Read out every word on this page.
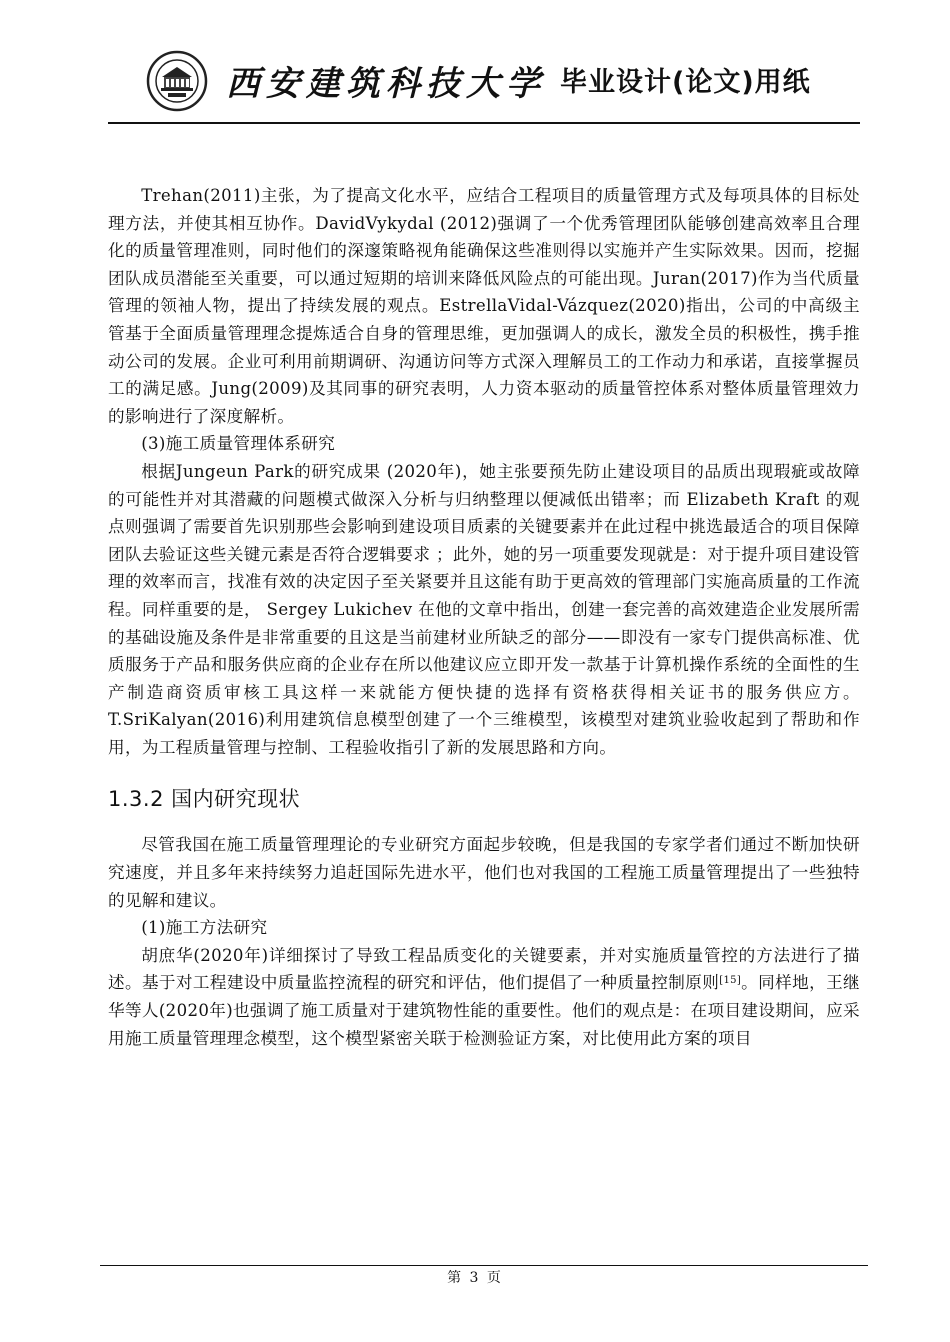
西安建筑科技大学 毕业设计(论文)用纸

Trehan(2011)主张，为了提高文化水平，应结合工程项目的质量管理方式及每项具体的目标处理方法，并使其相互协作。DavidVykydal (2012)强调了一个优秀管理团队能够创建高效率且合理化的质量管理准则，同时他们的深邃策略视角能确保这些准则得以实施并产生实际效果。因而，挖掘团队成员潜能至关重要，可以通过短期的培训来降低风险点的可能出现。Juran(2017)作为当代质量管理的领袖人物，提出了持续发展的观点。EstrellaVidal-Vázquez(2020)指出，公司的中高级主管基于全面质量管理理念提炼适合自身的管理思维，更加强调人的成长，激发全员的积极性，携手推动公司的发展。企业可利用前期调研、沟通访问等方式深入理解员工的工作动力和承诺，直接掌握员工的满足感。Jung(2009)及其同事的研究表明，人力资本驱动的质量管控体系对整体质量管理效力的影响进行了深度解析。

(3)施工质量管理体系研究

根据Jungeun Park的研究成果 (2020年)，她主张要预先防止建设项目的品质出现瑕疵或故障的可能性并对其潜藏的问题模式做深入分析与归纳整理以便减低出错率；而 Elizabeth Kraft 的观点则强调了需要首先识别那些会影响到建设项目质素的关键要素并在此过程中挑选最适合的项目保障团队去验证这些关键元素是否符合逻辑要求 ；此外，她的另一项重要发现就是：对于提升项目建设管理的效率而言，找准有效的决定因子至关紧要并且这能有助于更高效的管理部门实施高质量的工作流程。同样重要的是， Sergey Lukichev 在他的文章中指出，创建一套完善的高效建造企业发展所需的基础设施及条件是非常重要的且这是当前建材业所缺乏的部分——即没有一家专门提供高标准、优质服务于产品和服务供应商的企业存在所以他建议应立即开发一款基于计算机操作系统的全面性的生产制造商资质审核工具这样一来就能方便快捷的选择有资格获得相关证书的服务供应方。T.SriKalyan(2016)利用建筑信息模型创建了一个三维模型，该模型对建筑业验收起到了帮助和作用，为工程质量管理与控制、工程验收指引了新的发展思路和方向。

1.3.2 国内研究现状

尽管我国在施工质量管理理论的专业研究方面起步较晚，但是我国的专家学者们通过不断加快研究速度，并且多年来持续努力追赶国际先进水平，他们也对我国的工程施工质量管理提出了一些独特的见解和建议。

(1)施工方法研究

胡庶华(2020年)详细探讨了导致工程品质变化的关键要素，并对实施质量管控的方法进行了描述。基于对工程建设中质量监控流程的研究和评估，他们提倡了一种质量控制原则[15]。同样地，王继华等人(2020年)也强调了施工质量对于建筑物性能的重要性。他们的观点是：在项目建设期间，应采用施工质量管理理念模型，这个模型紧密关联于检测验证方案，对比使用此方案的项目

第 3 页
